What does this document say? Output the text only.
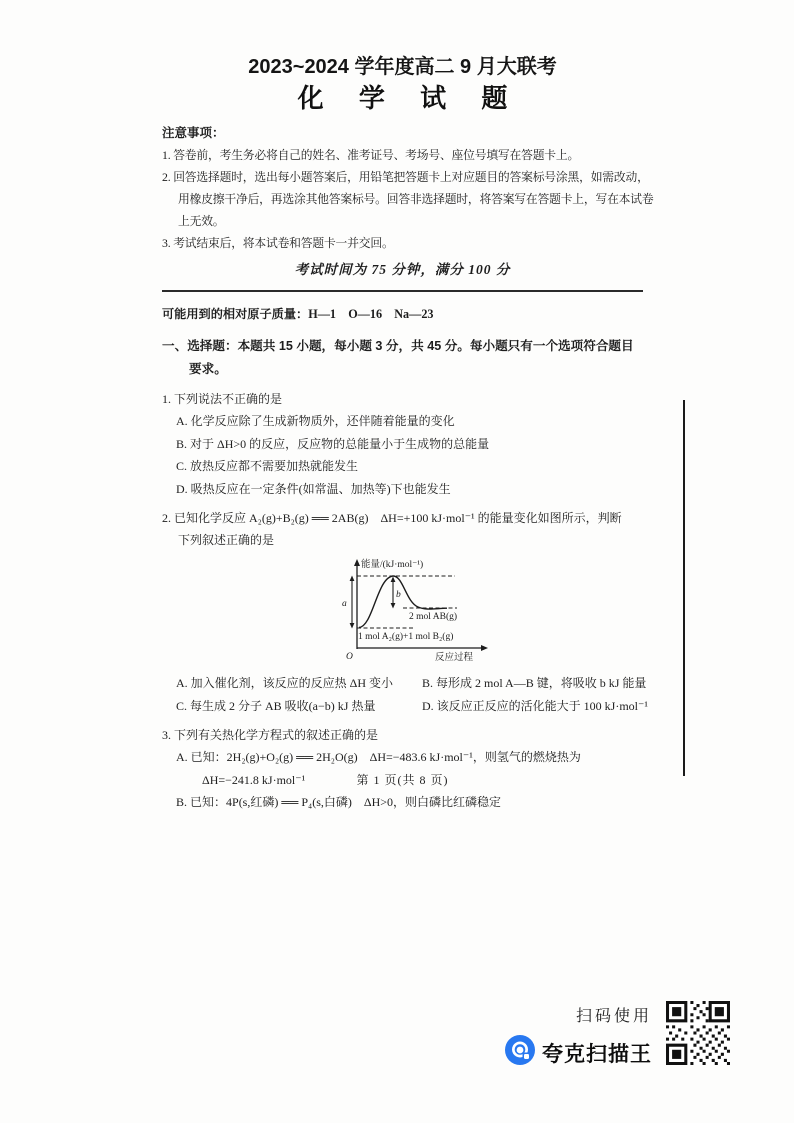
2023~2024 学年度高二 9 月大联考
化 学 试 题
注意事项：
1. 答卷前，考生务必将自己的姓名、准考证号、考场号、座位号填写在答题卡上。
2. 回答选择题时，选出每小题答案后，用铅笔把答题卡上对应题目的答案标号涂黑，如需改动，
用橡皮擦干净后，再选涂其他答案标号。回答非选择题时，将答案写在答题卡上，写在本试卷
上无效。
3. 考试结束后，将本试卷和答题卡一并交回。
考试时间为 75 分钟，满分 100 分
可能用到的相对原子质量：H—1　O—16　Na—23
一、选择题：本题共 15 小题，每小题 3 分，共 45 分。每小题只有一个选项符合题目
要求。
1. 下列说法不正确的是
A. 化学反应除了生成新物质外，还伴随着能量的变化
B. 对于 ΔH>0 的反应，反应物的总能量小于生成物的总能量
C. 放热反应都不需要加热就能发生
D. 吸热反应在一定条件(如常温、加热等)下也能发生
2. 已知化学反应 A₂(g)+B₂(g) ══ 2AB(g)　ΔH=+100 kJ·mol⁻¹ 的能量变化如图所示，判断
下列叙述正确的是
能量/(kJ·mol⁻¹)
a
b
2 mol AB(g)
1 mol A₂(g)+1 mol B₂(g)
O	反应过程
A. 加入催化剂，该反应的反应热 ΔH 变小	B. 每形成 2 mol A—B 键，将吸收 b kJ 能量
C. 每生成 2 分子 AB 吸收(a−b) kJ 热量	D. 该反应正反应的活化能大于 100 kJ·mol⁻¹
3. 下列有关热化学方程式的叙述正确的是
A. 已知：2H₂(g)+O₂(g) ══ 2H₂O(g)　ΔH=−483.6 kJ·mol⁻¹，则氢气的燃烧热为
ΔH=−241.8 kJ·mol⁻¹
B. 已知：4P(s,红磷) ══ P₄(s,白磷)　ΔH>0，则白磷比红磷稳定
第 1 页(共 8 页)
扫码使用
夸克扫描王
